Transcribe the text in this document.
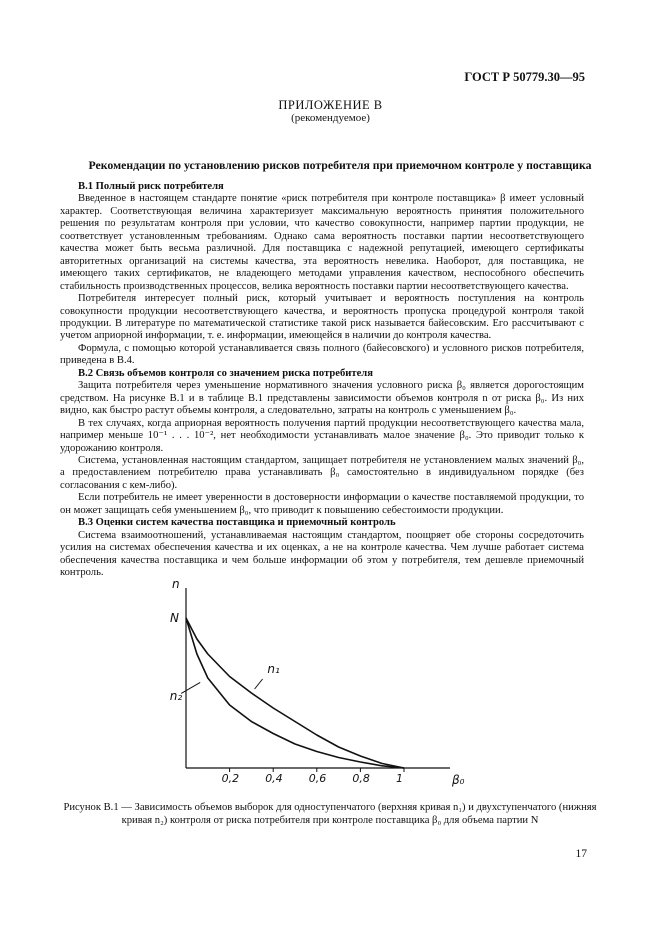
ГОСТ Р 50779.30—95
ПРИЛОЖЕНИЕ В
(рекомендуемое)
Рекомендации по установлению рисков потребителя при приемочном контроле у поставщика
В.1 Полный риск потребителя

Введенное в настоящем стандарте понятие «риск потребителя при контроле поставщика» β имеет условный характер. Соответствующая величина характеризует максимальную вероятность принятия положительного решения по результатам контроля при условии, что качество совокупности, например партии продукции, не соответствует установленным требованиям. Однако сама вероятность поставки партии несоответствующего качества может быть весьма различной. Для поставщика с надежной репутацией, имеющего сертификаты авторитетных организаций на системы качества, эта вероятность невелика. Наоборот, для поставщика, не имеющего таких сертификатов, не владеющего методами управления качеством, неспособного обеспечить стабильность производственных процессов, велика вероятность поставки партии несоответствующего качества.

Потребителя интересует полный риск, который учитывает и вероятность поступления на контроль совокупности продукции несоответствующего качества, и вероятность пропуска процедурой контроля такой продукции. В литературе по математической статистике такой риск называется байесовским. Его рассчитывают с учетом априорной информации, т. е. информации, имеющейся в наличии до контроля качества.

Формула, с помощью которой устанавливается связь полного (байесовского) и условного рисков потребителя, приведена в В.4.

В.2 Связь объемов контроля со значением риска потребителя

Защита потребителя через уменьшение нормативного значения условного риска β₀ является дорогостоящим средством. На рисунке В.1 и в таблице В.1 представлены зависимости объемов контроля n от риска β₀. Из них видно, как быстро растут объемы контроля, а следовательно, затраты на контроль с уменьшением β₀.

В тех случаях, когда априорная вероятность получения партий продукции несоответствующего качества мала, например меньше 10⁻¹ . . . 10⁻², нет необходимости устанавливать малое значение β₀. Это приводит только к удорожанию контроля.

Система, установленная настоящим стандартом, защищает потребителя не установлением малых значений β₀, а предоставлением потребителю права устанавливать β₀ самостоятельно в индивидуальном порядке (без согласования с кем-либо).

Если потребитель не имеет уверенности в достоверности информации о качестве поставляемой продукции, то он может защищать себя уменьшением β₀, что приводит к повышению себестоимости продукции.

В.3 Оценки систем качества поставщика и приемочный контроль

Система взаимоотношений, устанавливаемая настоящим стандартом, поощряет обе стороны сосредоточить усилия на системах обеспечения качества и их оценках, а не на контроле качества. Чем лучше работает система обеспечения качества поставщика и чем больше информации об этом у потребителя, тем дешевле приемочный контроль.

n
N
β₀
0,2 0,4 0,6 0,8 1
n₁
n₂
Рисунок В.1 — Зависимость объемов выборок для одноступенчатого (верхняя кривая n₁) и двухступенчатого (нижняя кривая n₂) контроля от риска потребителя при контроле поставщика β₀ для объема партии N
17
